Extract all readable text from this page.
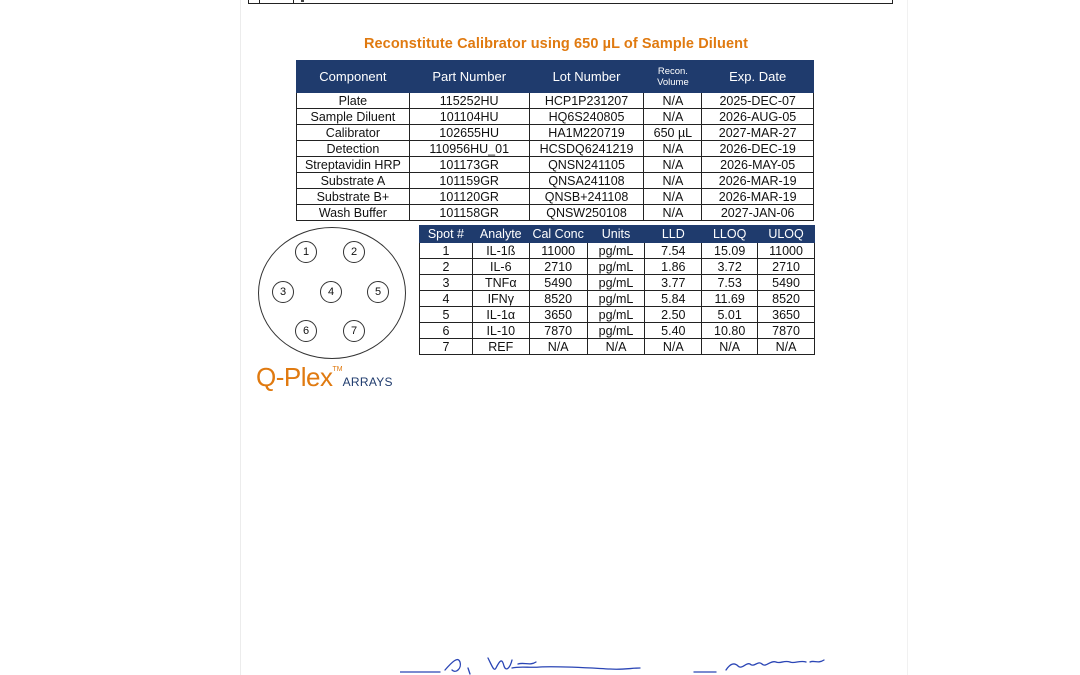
Reconstitute Calibrator using 650 µL of Sample Diluent
Component	Part Number	Lot Number	Recon. Volume	Exp. Date
Plate	115252HU	HCP1P231207	N/A	2025-DEC-07
Sample Diluent	101104HU	HQ6S240805	N/A	2026-AUG-05
Calibrator	102655HU	HA1M220719	650 µL	2027-MAR-27
Detection	110956HU_01	HCSDQ6241219	N/A	2026-DEC-19
Streptavidin HRP	101173GR	QNSN241105	N/A	2026-MAY-05
Substrate A	101159GR	QNSA241108	N/A	2026-MAR-19
Substrate B+	101120GR	QNSB+241108	N/A	2026-MAR-19
Wash Buffer	101158GR	QNSW250108	N/A	2027-JAN-06
1	2
3	4	5
6	7
Spot #	Analyte	Cal Conc	Units	LLD	LLOQ	ULOQ
1	IL-1ß	11000	pg/mL	7.54	15.09	11000
2	IL-6	2710	pg/mL	1.86	3.72	2710
3	TNFα	5490	pg/mL	3.77	7.53	5490
4	IFNγ	8520	pg/mL	5.84	11.69	8520
5	IL-1α	3650	pg/mL	2.50	5.01	3650
6	IL-10	7870	pg/mL	5.40	10.80	7870
7	REF	N/A	N/A	N/A	N/A	N/A
Q-Plex™ARRAYS
